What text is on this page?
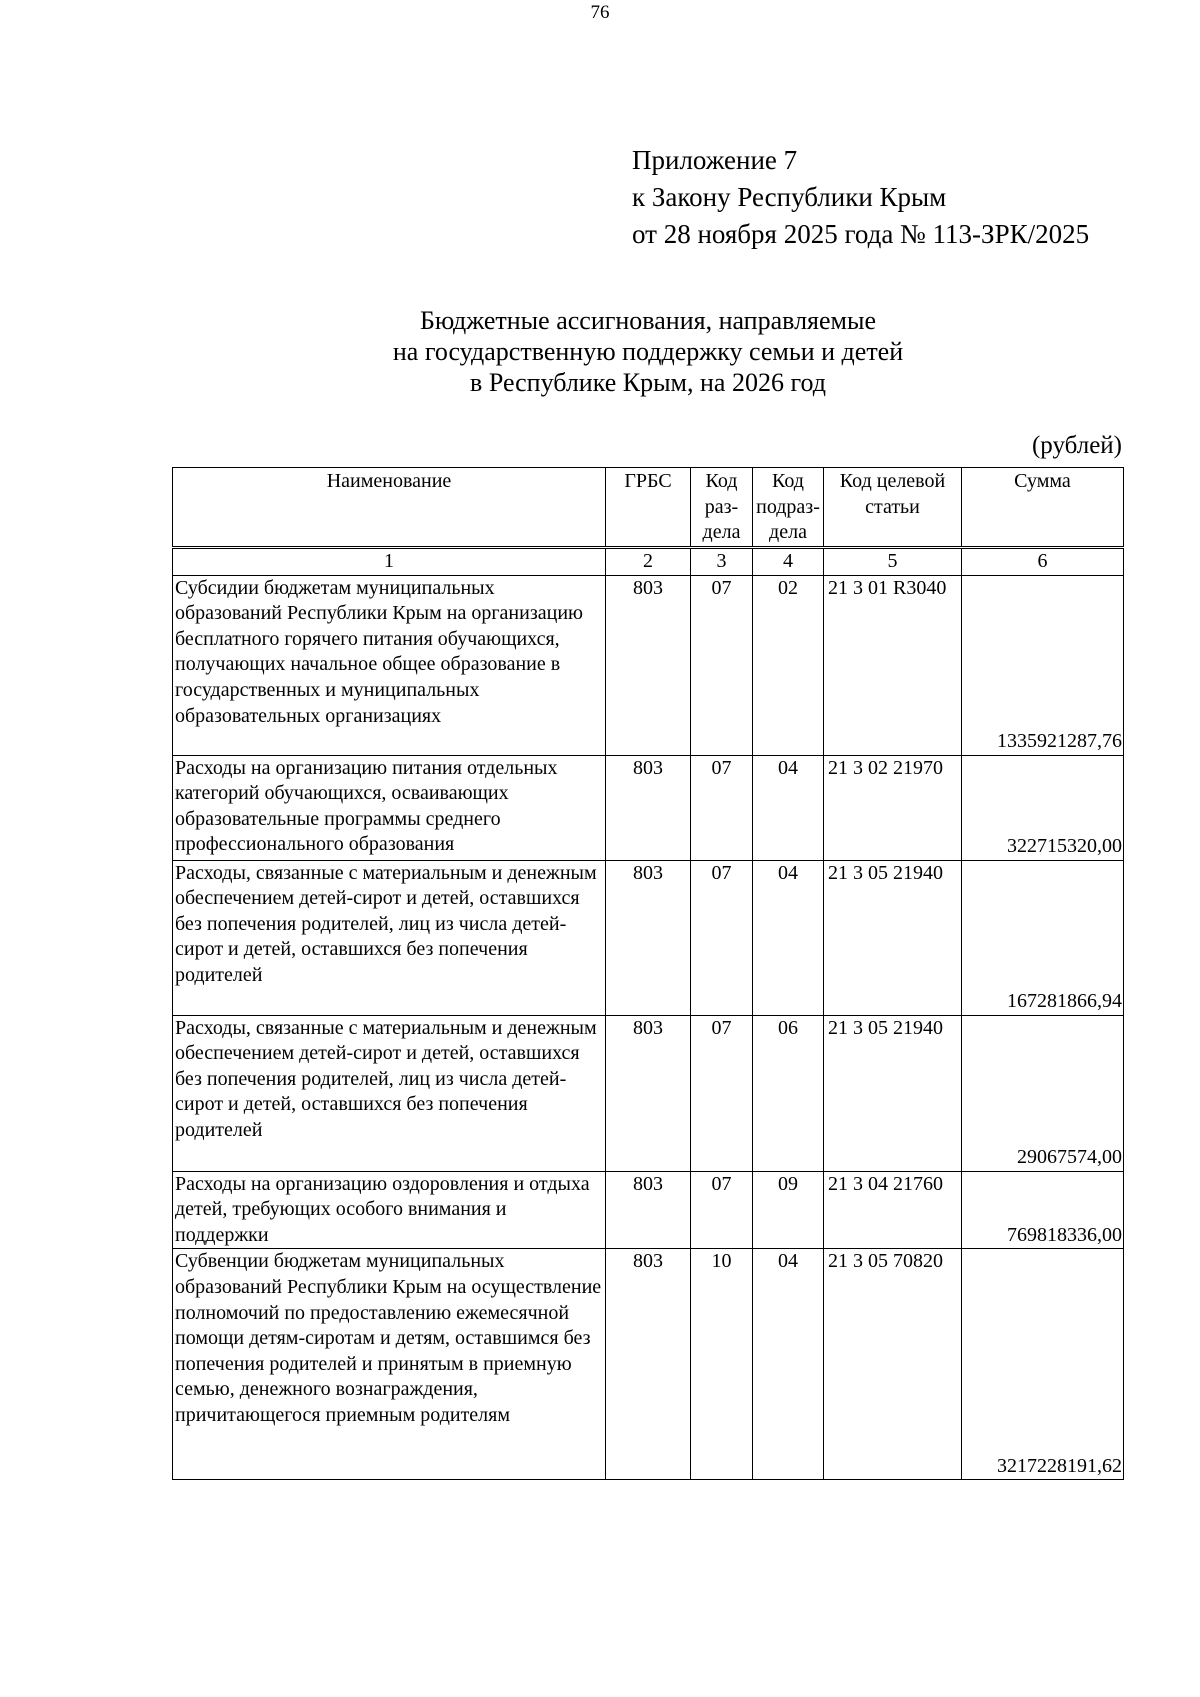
76
Приложение 7
к Закону Республики Крым
от 28 ноября 2025 года № 113-ЗРК/2025
Бюджетные ассигнования, направляемые
на государственную поддержку семьи и детей
в Республике Крым, на 2026 год
(рублей)
Наименование	ГРБС	Код раз- дела	Код подраз- дела	Код целевой статьи	Сумма
1	2	3	4	5	6
Субсидии бюджетам муниципальных образований Республики Крым на организацию бесплатного горячего питания обучающихся, получающих начальное общее образование в государственных и муниципальных образовательных организациях	803	07	02	21 3 01 R3040	1335921287,76
Расходы на организацию питания отдельных категорий обучающихся, осваивающих образовательные программы среднего профессионального образования	803	07	04	21 3 02 21970	322715320,00
Расходы, связанные с материальным и денежным обеспечением детей-сирот и детей, оставшихся без попечения родителей, лиц из числа детей-сирот и детей, оставшихся без попечения родителей	803	07	04	21 3 05 21940	167281866,94
Расходы, связанные с материальным и денежным обеспечением детей-сирот и детей, оставшихся без попечения родителей, лиц из числа детей-сирот и детей, оставшихся без попечения родителей	803	07	06	21 3 05 21940	29067574,00
Расходы на организацию оздоровления и отдыха детей, требующих особого внимания и поддержки	803	07	09	21 3 04 21760	769818336,00
Субвенции бюджетам муниципальных образований Республики Крым на осуществление полномочий по предоставлению ежемесячной помощи детям-сиротам и детям, оставшимся без попечения родителей и принятым в приемную семью, денежного вознаграждения, причитающегося приемным родителям	803	10	04	21 3 05 70820	3217228191,62
